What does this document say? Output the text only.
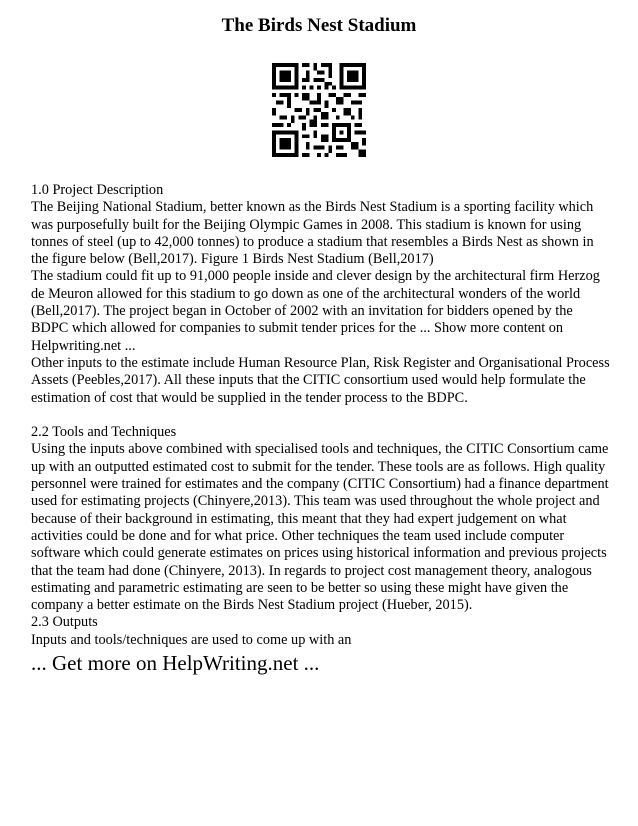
The Birds Nest Stadium

1.0 Project Description

The Beijing National Stadium, better known as the Birds Nest Stadium is a sporting facility which was purposefully built for the Beijing Olympic Games in 2008. This stadium is known for using tonnes of steel (up to 42,000 tonnes) to produce a stadium that resembles a Birds Nest as shown in the figure below (Bell,2017). Figure 1 Birds Nest Stadium (Bell,2017)

The stadium could fit up to 91,000 people inside and clever design by the architectural firm Herzog de Meuron allowed for this stadium to go down as one of the architectural wonders of the world (Bell,2017). The project began in October of 2002 with an invitation for bidders opened by the BDPC which allowed for companies to submit tender prices for the ... Show more content on Helpwriting.net ...

Other inputs to the estimate include Human Resource Plan, Risk Register and Organisational Process Assets (Peebles,2017). All these inputs that the CITIC consortium used would help formulate the estimation of cost that would be supplied in the tender process to the BDPC.

2.2 Tools and Techniques

Using the inputs above combined with specialised tools and techniques, the CITIC Consortium came up with an outputted estimated cost to submit for the tender. These tools are as follows. High quality personnel were trained for estimates and the company (CITIC Consortium) had a finance department used for estimating projects (Chinyere,2013). This team was used throughout the whole project and because of their background in estimating, this meant that they had expert judgement on what activities could be done and for what price. Other techniques the team used include computer software which could generate estimates on prices using historical information and previous projects that the team had done (Chinyere, 2013). In regards to project cost management theory, analogous estimating and parametric estimating are seen to be better so using these might have given the company a better estimate on the Birds Nest Stadium project (Hueber, 2015).

2.3 Outputs

Inputs and tools/techniques are used to come up with an

... Get more on HelpWriting.net ...
